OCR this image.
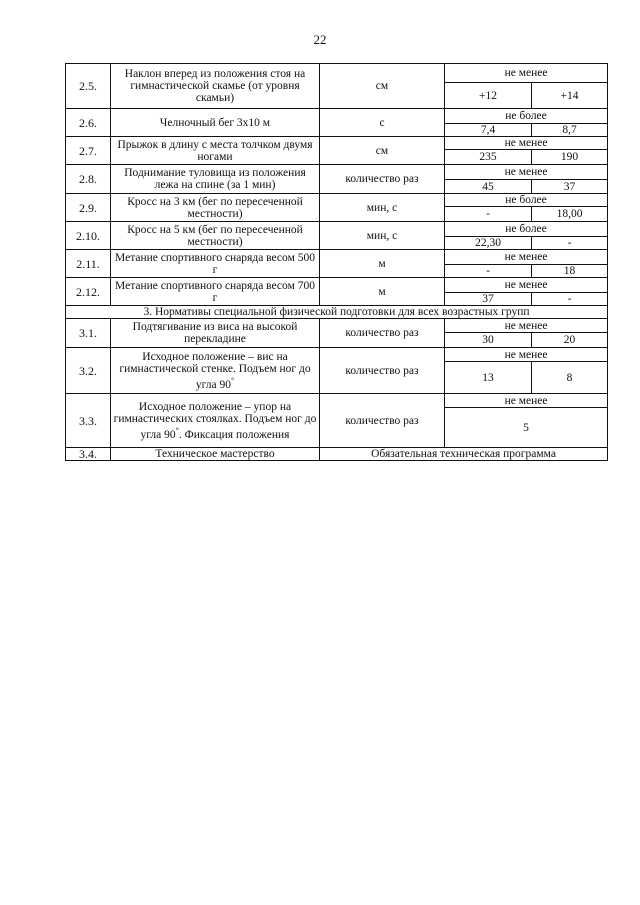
22
2.5.	Наклон вперед из положения стоя на гимнастической скамье (от уровня скамьи)	см	не менее	
			+12	+14
2.6.	Челночный бег 3x10 м	с	не более	
			7,4	8,7
2.7.	Прыжок в длину с места толчком двумя ногами	см	не менее	
			235	190
2.8.	Поднимание туловища из положения лежа на спине (за 1 мин)	количество раз	не менее	
			45	37
2.9.	Кросс на 3 км (бег по пересеченной местности)	мин, с	не более	
			-	18,00
2.10.	Кросс на 5 км (бег по пересеченной местности)	мин, с	не более	
			22,30	-
2.11.	Метание спортивного снаряда весом 500 г	м	не менее	
			-	18
2.12.	Метание спортивного снаряда весом 700 г	м	не менее	
			37	-
3. Нормативы специальной физической подготовки для всех возрастных групп				
3.1.	Подтягивание из виса на высокой перекладине	количество раз	не менее	
			30	20
3.2.	Исходное положение – вис на гимнастической стенке. Подъем ног до угла 90°	количество раз	не менее	
			13	8
3.3.	Исходное положение – упор на гимнастических стоялках. Подъем ног до угла 90°. Фиксация положения	количество раз	не менее	
			5	
3.4.	Техническое мастерство	Обязательная техническая программа		
